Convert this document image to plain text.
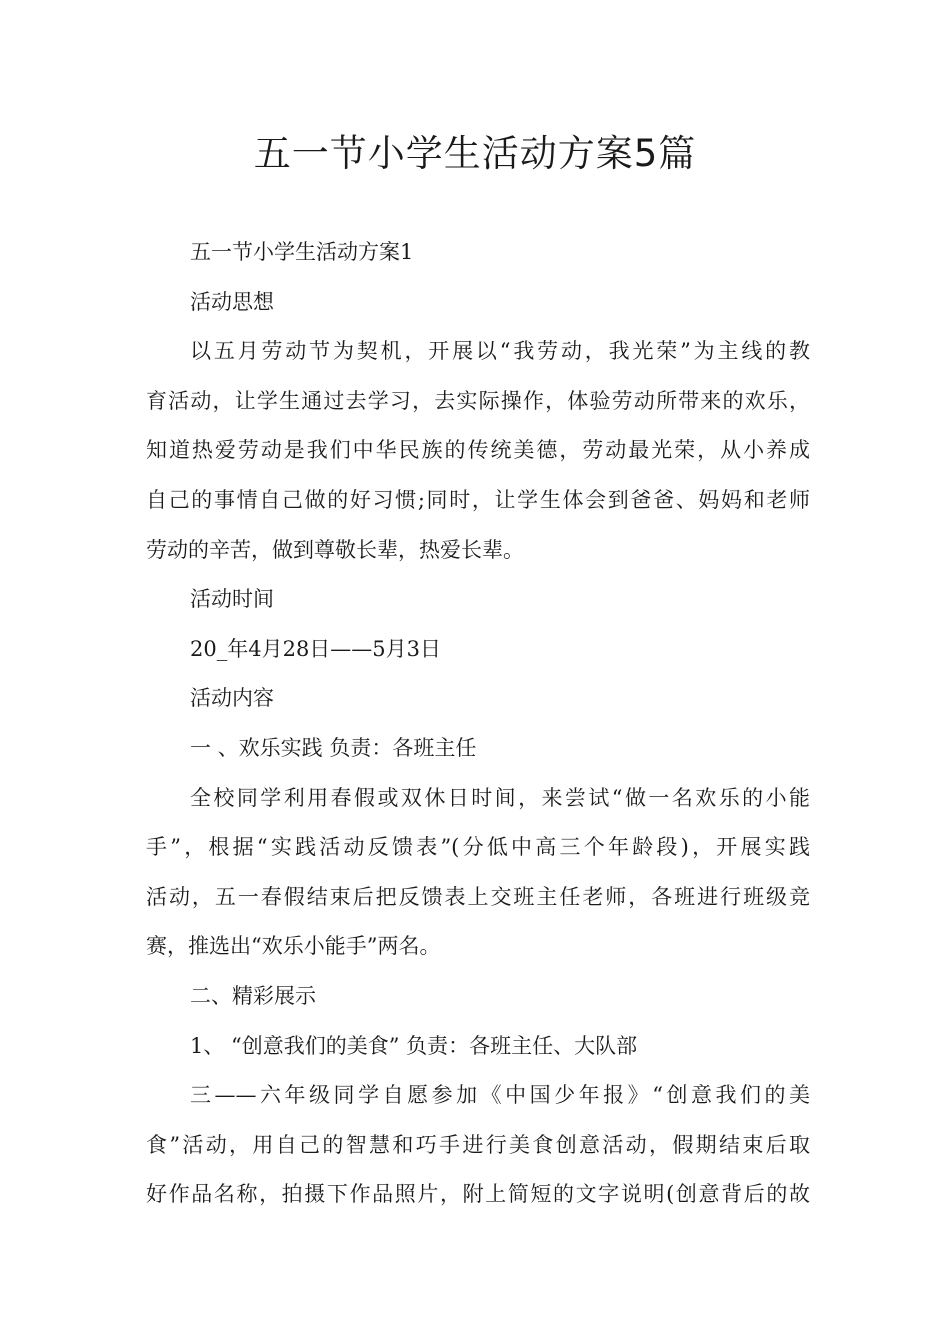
五一节小学生活动方案5篇

五一节小学生活动方案1

活动思想

以五月劳动节为契机，开展以“我劳动，我光荣”为主线的教

育活动，让学生通过去学习，去实际操作，体验劳动所带来的欢乐，

知道热爱劳动是我们中华民族的传统美德，劳动最光荣，从小养成

自己的事情自己做的好习惯;同时，让学生体会到爸爸、妈妈和老师

劳动的辛苦，做到尊敬长辈，热爱长辈。

活动时间

20_年4月28日——5月3日

活动内容

一 、欢乐实践 负责：各班主任

全校同学利用春假或双休日时间，来尝试“做一名欢乐的小能

手”，根据“实践活动反馈表”(分低中高三个年龄段)，开展实践

活动，五一春假结束后把反馈表上交班主任老师，各班进行班级竞

赛，推选出“欢乐小能手”两名。

二、精彩展示

1、 “创意我们的美食” 负责：各班主任、大队部

三——六年级同学自愿参加《中国少年报》“创意我们的美

食”活动，用自己的智慧和巧手进行美食创意活动，假期结束后取

好作品名称，拍摄下作品照片，附上简短的文字说明(创意背后的故
